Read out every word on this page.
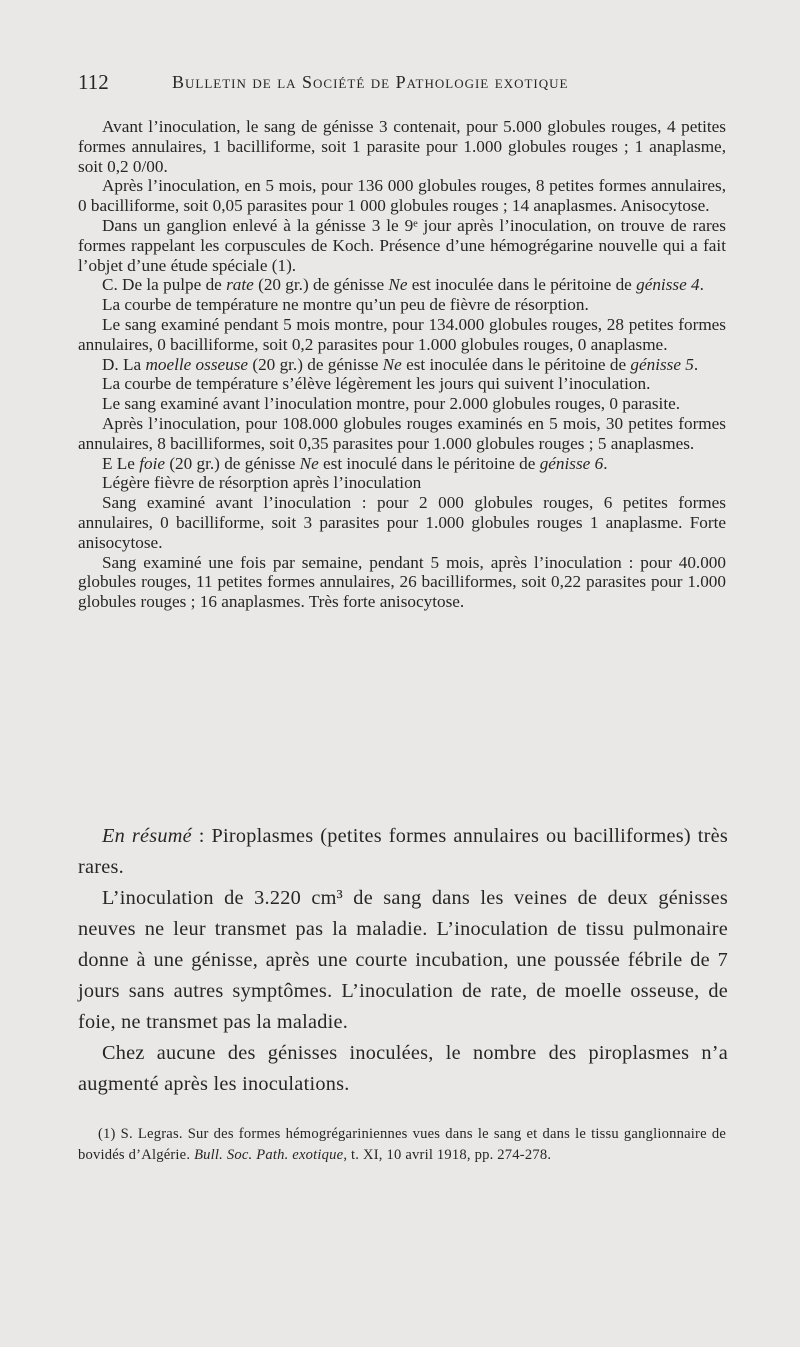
112	Bulletin de la Société de Pathologie exotique

Avant l’inoculation, le sang de génisse 3 contenait, pour 5.000 globules rouges, 4 petites formes annulaires, 1 bacilliforme, soit 1 parasite pour 1.000 globules rouges ; 1 anaplasme, soit 0,2 0/00.

Après l’inoculation, en 5 mois, pour 136 000 globules rouges, 8 petites formes annulaires, 0 bacilliforme, soit 0,05 parasites pour 1 000 globules rouges ; 14 anaplasmes. Anisocytose.

Dans un ganglion enlevé à la génisse 3 le 9ᵉ jour après l’inoculation, on trouve de rares formes rappelant les corpuscules de Koch. Présence d’une hémogrégarine nouvelle qui a fait l’objet d’une étude spéciale (1).

C. De la pulpe de rate (20 gr.) de génisse Ne est inoculée dans le péritoine de génisse 4.

La courbe de température ne montre qu’un peu de fièvre de résorption.

Le sang examiné pendant 5 mois montre, pour 134.000 globules rouges, 28 petites formes annulaires, 0 bacilliforme, soit 0,2 parasites pour 1.000 globules rouges, 0 anaplasme.

D. La moelle osseuse (20 gr.) de génisse Ne est inoculée dans le péritoine de génisse 5.

La courbe de température s’élève légèrement les jours qui suivent l’inoculation.

Le sang examiné avant l’inoculation montre, pour 2.000 globules rouges, 0 parasite.

Après l’inoculation, pour 108.000 globules rouges examinés en 5 mois, 30 petites formes annulaires, 8 bacilliformes, soit 0,35 parasites pour 1.000 globules rouges ; 5 anaplasmes.

E Le foie (20 gr.) de génisse Ne est inoculé dans le péritoine de génisse 6.

Légère fièvre de résorption après l’inoculation

Sang examiné avant l’inoculation : pour 2 000 globules rouges, 6 petites formes annulaires, 0 bacilliforme, soit 3 parasites pour 1.000 globules rouges 1 anaplasme. Forte anisocytose.

Sang examiné une fois par semaine, pendant 5 mois, après l’inoculation : pour 40.000 globules rouges, 11 petites formes annulaires, 26 bacilliformes, soit 0,22 parasites pour 1.000 globules rouges ; 16 anaplasmes. Très forte anisocytose.

En résumé : Piroplasmes (petites formes annulaires ou bacilliformes) très rares.

L’inoculation de 3.220 cm³ de sang dans les veines de deux génisses neuves ne leur transmet pas la maladie. L’inoculation de tissu pulmonaire donne à une génisse, après une courte incubation, une poussée fébrile de 7 jours sans autres symptômes. L’inoculation de rate, de moelle osseuse, de foie, ne transmet pas la maladie.

Chez aucune des génisses inoculées, le nombre des piroplasmes n’a augmenté après les inoculations.

(1) S. Legras. Sur des formes hémogrégariniennes vues dans le sang et dans le tissu ganglionnaire de bovidés d’Algérie. Bull. Soc. Path. exotique, t. XI, 10 avril 1918, pp. 274-278.
